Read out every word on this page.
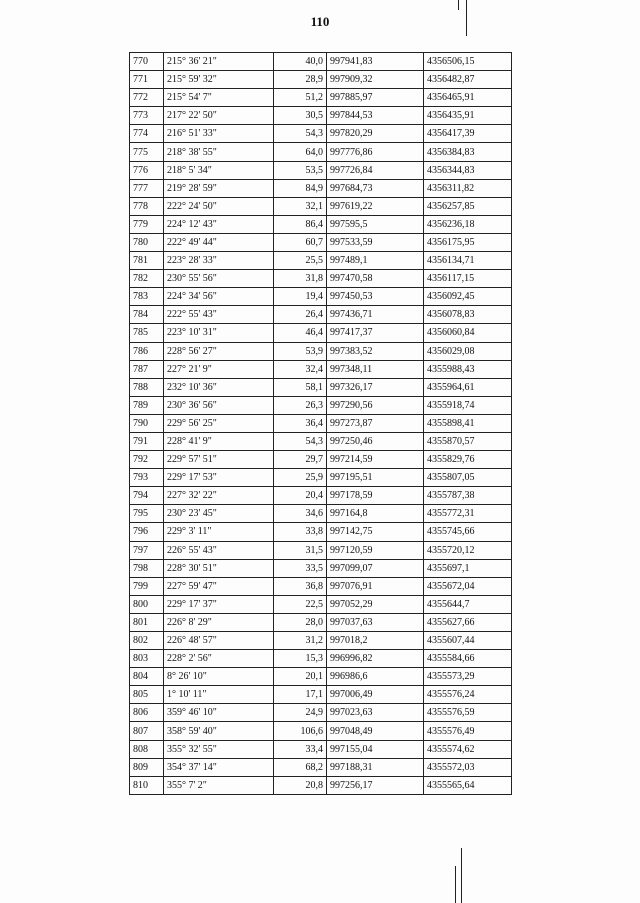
110
770	215° 36' 21"	40,0	997941,83	4356506,15
771	215° 59' 32"	28,9	997909,32	4356482,87
772	215° 54' 7"	51,2	997885,97	4356465,91
773	217° 22' 50"	30,5	997844,53	4356435,91
774	216° 51' 33"	54,3	997820,29	4356417,39
775	218° 38' 55"	64,0	997776,86	4356384,83
776	218° 5' 34"	53,5	997726,84	4356344,83
777	219° 28' 59"	84,9	997684,73	4356311,82
778	222° 24' 50"	32,1	997619,22	4356257,85
779	224° 12' 43"	86,4	997595,5	4356236,18
780	222° 49' 44"	60,7	997533,59	4356175,95
781	223° 28' 33"	25,5	997489,1	4356134,71
782	230° 55' 56"	31,8	997470,58	4356117,15
783	224° 34' 56"	19,4	997450,53	4356092,45
784	222° 55' 43"	26,4	997436,71	4356078,83
785	223° 10' 31"	46,4	997417,37	4356060,84
786	228° 56' 27"	53,9	997383,52	4356029,08
787	227° 21' 9"	32,4	997348,11	4355988,43
788	232° 10' 36"	58,1	997326,17	4355964,61
789	230° 36' 56"	26,3	997290,56	4355918,74
790	229° 56' 25"	36,4	997273,87	4355898,41
791	228° 41' 9"	54,3	997250,46	4355870,57
792	229° 57' 51"	29,7	997214,59	4355829,76
793	229° 17' 53"	25,9	997195,51	4355807,05
794	227° 32' 22"	20,4	997178,59	4355787,38
795	230° 23' 45"	34,6	997164,8	4355772,31
796	229° 3' 11"	33,8	997142,75	4355745,66
797	226° 55' 43"	31,5	997120,59	4355720,12
798	228° 30' 51"	33,5	997099,07	4355697,1
799	227° 59' 47"	36,8	997076,91	4355672,04
800	229° 17' 37"	22,5	997052,29	4355644,7
801	226° 8' 29"	28,0	997037,63	4355627,66
802	226° 48' 57"	31,2	997018,2	4355607,44
803	228° 2' 56"	15,3	996996,82	4355584,66
804	8° 26' 10"	20,1	996986,6	4355573,29
805	1° 10' 11"	17,1	997006,49	4355576,24
806	359° 46' 10"	24,9	997023,63	4355576,59
807	358° 59' 40"	106,6	997048,49	4355576,49
808	355° 32' 55"	33,4	997155,04	4355574,62
809	354° 37' 14"	68,2	997188,31	4355572,03
810	355° 7' 2"	20,8	997256,17	4355565,64
